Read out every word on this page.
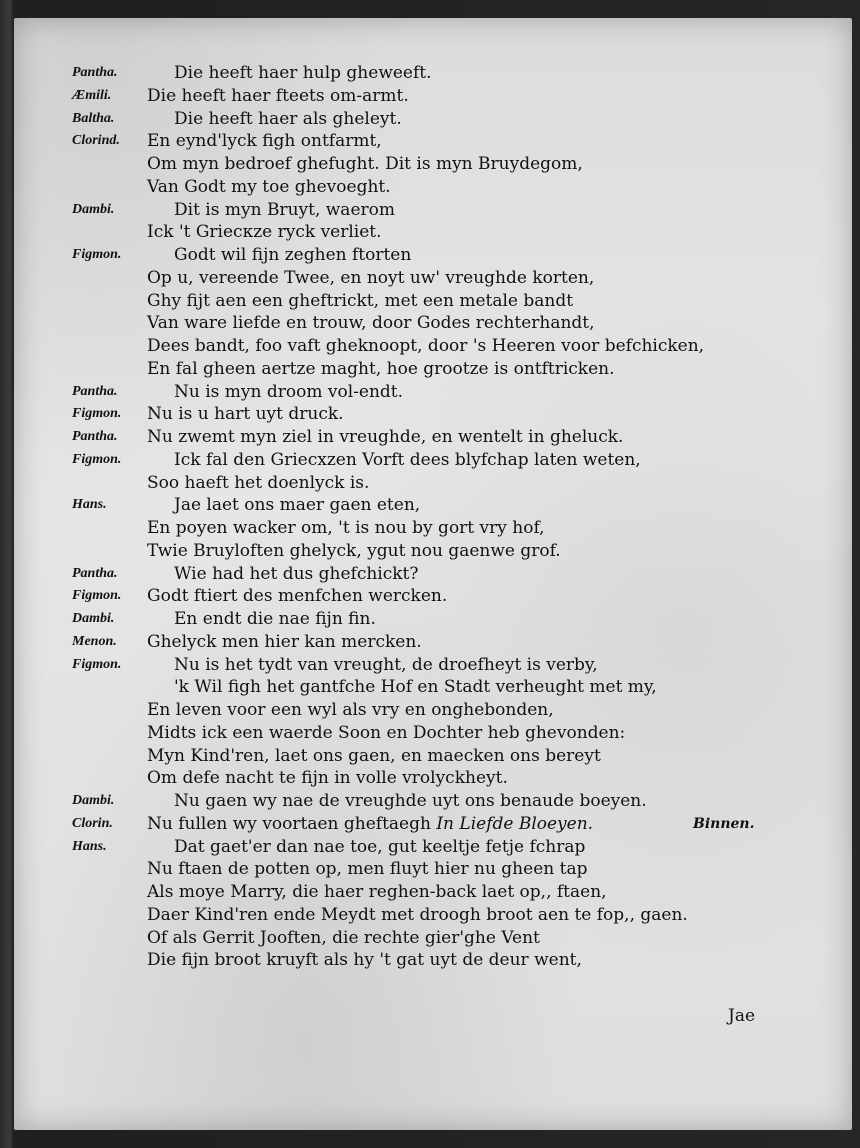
Pantha.	Die heeft haer hulp gheweeft.
Æmili.	Die heeft haer fteets om-armt.
Baltha.	Die heeft haer als gheleyt.
Clorind.	En eynd'lyck figh ontfarmt,
Om myn bedroef ghefught. Dit is myn Bruydegom,
Van Godt my toe ghevoeght.
Dambi.	Dit is myn Bruyt, waerom
Ick 't Griecкze ryck verliet.
Figmon.	Godt wil fijn zeghen ftorten
Op u, vereende Twee, en noyt uw' vreughde korten,
Ghy fijt aen een gheftrickt, met een metale bandt
Van ware liefde en trouw, door Godes rechterhandt,
Dees bandt, foo vaft gheknoopt, door 's Heeren voor befchicken,
En fal gheen aertze maght, hoe grootze is ontftricken.
Pantha.	Nu is myn droom vol-endt.
Figmon.	Nu is u hart uyt druck.
Pantha.	Nu zwemt myn ziel in vreughde, en wentelt in gheluck.
Figmon.	Ick fal den Griecxzen Vorft dees blyfchap laten weten,
Soo haeft het doenlyck is.
Hans.	Jae laet ons maer gaen eten,
En poyen wacker om, 't is nou by gort vry hof,
Twie Bruyloften ghelyck, ygut nou gaenwe grof.
Pantha.	Wie had het dus ghefchickt?
Figmon.	Godt ftiert des menfchen wercken.
Dambi.	En endt die nae fijn fin.
Menon.	Ghelyck men hier kan mercken.
Figmon.	Nu is het tydt van vreught, de droefheyt is verby,
'k Wil figh het gantfche Hof en Stadt verheught met my,
En leven voor een wyl als vry en onghebonden,
Midts ick een waerde Soon en Dochter heb ghevonden:
Myn Kind'ren, laet ons gaen, en maecken ons bereyt
Om defe nacht te fijn in volle vrolyckheyt.
Dambi.	Nu gaen wy nae de vreughde uyt ons benaude boeyen.
Clorin.	Nu fullen wy voortaen gheftaegh In Liefde Bloeyen.	Binnen.
Hans.	Dat gaet'er dan nae toe, gut keeltje fetje fchrap
Nu ftaen de potten op, men fluyt hier nu gheen tap
Als moye Marry, die haer reghen-back laet op,, ftaen,
Daer Kind'ren ende Meydt met droogh broot aen te fop,, gaen.
Of als Gerrit Jooften, die rechte gier'ghe Vent
Die fijn broot kruyft als hy 't gat uyt de deur went,
Jae
